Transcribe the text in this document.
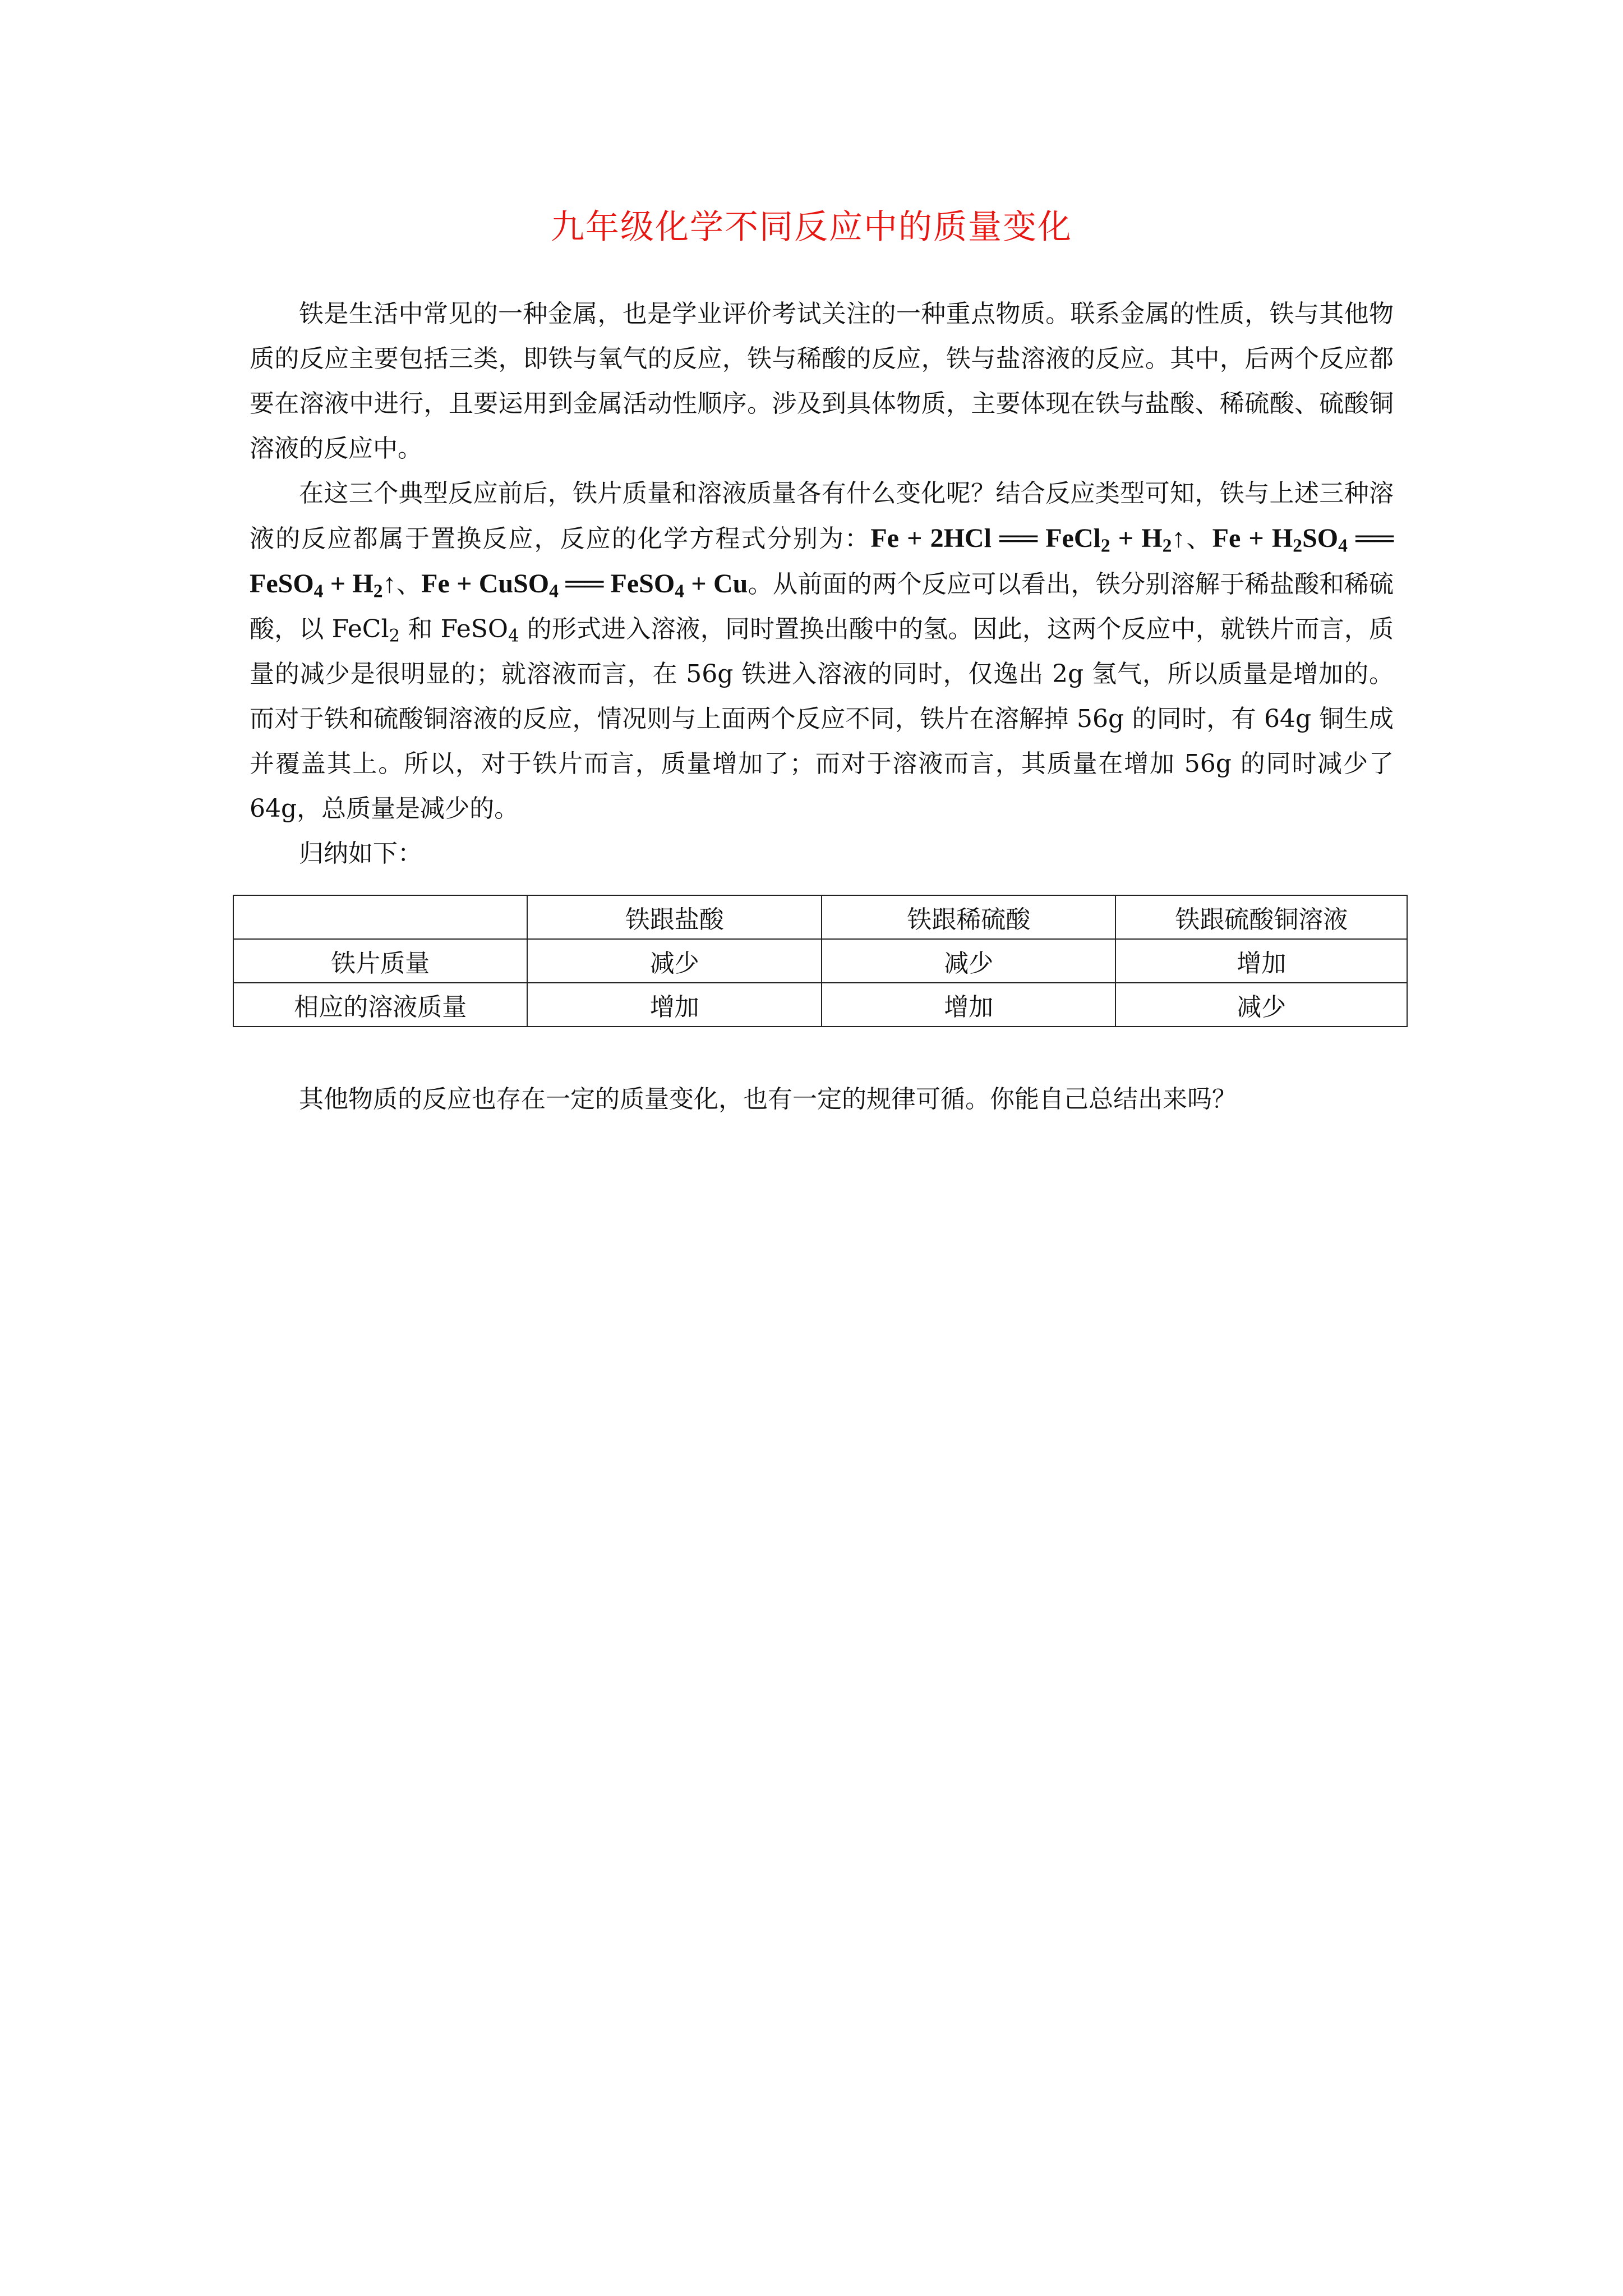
九年级化学不同反应中的质量变化

铁是生活中常见的一种金属，也是学业评价考试关注的一种重点物质。联系金属的性质，铁与其他物质的反应主要包括三类，即铁与氧气的反应，铁与稀酸的反应，铁与盐溶液的反应。其中，后两个反应都要在溶液中进行，且要运用到金属活动性顺序。涉及到具体物质，主要体现在铁与盐酸、稀硫酸、硫酸铜溶液的反应中。

在这三个典型反应前后，铁片质量和溶液质量各有什么变化呢？结合反应类型可知，铁与上述三种溶液的反应都属于置换反应，反应的化学方程式分别为：Fe + 2HCl ══ FeCl$_2$ + $H_2↑$、$Fe + H_2SO_4$ ══ FeSO$_4$ + $H_2↑$、Fe + CuSO$_4$ ══ FeSO$_4$ + Cu。从前面的两个反应可以看出，铁分别溶解于稀盐酸和稀硫酸，以 FeCl$_2$ 和 FeSO$_4$ 的形式进入溶液，同时置换出酸中的氢。因此，这两个反应中，就铁片而言，质量的减少是很明显的；就溶液而言，在 56g 铁进入溶液的同时，仅逸出 2g 氢气，所以质量是增加的。而对于铁和硫酸铜溶液的反应，情况则与上面两个反应不同，铁片在溶解掉 56g 的同时，有 64g 铜生成并覆盖其上。所以，对于铁片而言，质量增加了；而对于溶液而言，其质量在增加 56g 的同时减少了 64g，总质量是减少的。

归纳如下：

	铁跟盐酸	铁跟稀硫酸	铁跟硫酸铜溶液
铁片质量	减少	减少	增加
相应的溶液质量	增加	增加	减少

其他物质的反应也存在一定的质量变化，也有一定的规律可循。你能自己总结出来吗？
